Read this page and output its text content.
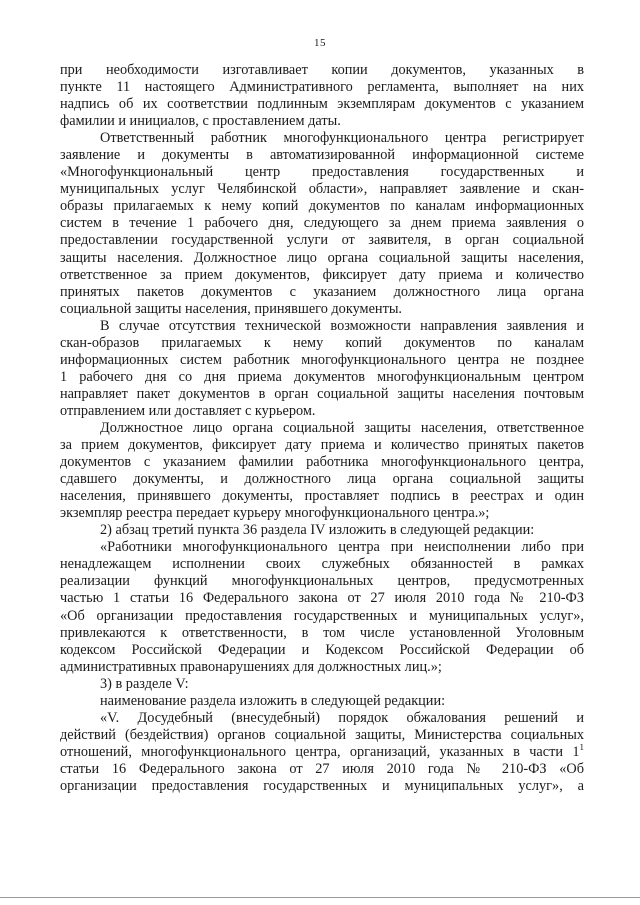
15
при необходимости изготавливает копии документов, указанных в
пункте 11 настоящего Административного регламента, выполняет на них
надпись об их соответствии подлинным экземплярам документов с указанием
фамилии и инициалов, с проставлением даты.
Ответственный работник многофункционального центра регистрирует
заявление и документы в автоматизированной информационной системе
«Многофункциональный центр предоставления государственных и
муниципальных услуг Челябинской области», направляет заявление и скан-
образы прилагаемых к нему копий документов по каналам информационных
систем в течение 1 рабочего дня, следующего за днем приема заявления о
предоставлении государственной услуги от заявителя, в орган социальной
защиты населения. Должностное лицо органа социальной защиты населения,
ответственное за прием документов, фиксирует дату приема и количество
принятых пакетов документов с указанием должностного лица органа
социальной защиты населения, принявшего документы.
В случае отсутствия технической возможности направления заявления и
скан-образов прилагаемых к нему копий документов по каналам
информационных систем работник многофункционального центра не позднее
1 рабочего дня со дня приема документов многофункциональным центром
направляет пакет документов в орган социальной защиты населения почтовым
отправлением или доставляет с курьером.
Должностное лицо органа социальной защиты населения, ответственное
за прием документов, фиксирует дату приема и количество принятых пакетов
документов с указанием фамилии работника многофункционального центра,
сдавшего документы, и должностного лица органа социальной защиты
населения, принявшего документы, проставляет подпись в реестрах и один
экземпляр реестра передает курьеру многофункционального центра.»;
2) абзац третий пункта 36 раздела IV изложить в следующей редакции:
«Работники многофункционального центра при неисполнении либо при
ненадлежащем исполнении своих служебных обязанностей в рамках
реализации функций многофункциональных центров, предусмотренных
частью 1 статьи 16 Федерального закона от 27 июля 2010 года № 210-ФЗ
«Об организации предоставления государственных и муниципальных услуг»,
привлекаются к ответственности, в том числе установленной Уголовным
кодексом Российской Федерации и Кодексом Российской Федерации об
административных правонарушениях для должностных лиц.»;
3) в разделе V:
наименование раздела изложить в следующей редакции:
«V. Досудебный (внесудебный) порядок обжалования решений и
действий (бездействия) органов социальной защиты, Министерства социальных
отношений, многофункционального центра, организаций, указанных в части $1^1$
статьи 16 Федерального закона от 27 июля 2010 года № 210-ФЗ «Об
организации предоставления государственных и муниципальных услуг», а
